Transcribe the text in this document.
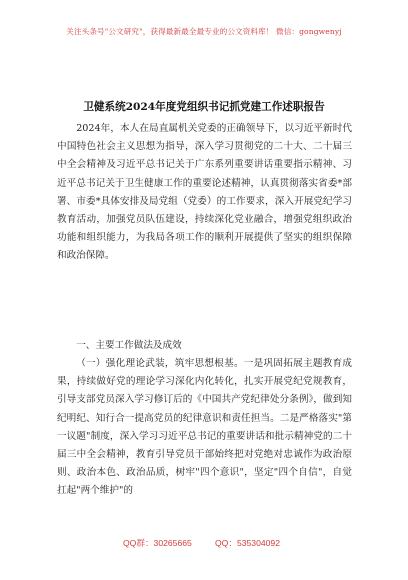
关注头条号"公文研究"，获得最新最全最专业的公文资料库！ 微信：gongwenyj
卫健系统2024年度党组织书记抓党建工作述职报告

2024年，本人在局直属机关党委的正确领导下，以习近平新时代中国特色社会主义思想为指导，深入学习贯彻党的二十大、二十届三中全会精神及习近平总书记关于广东系列重要讲话重要指示精神、习近平总书记关于卫生健康工作的重要论述精神，认真贯彻落实省委*部署、市委*具体安排及局党组（党委）的工作要求，深入开展党纪学习教育活动，加强党员队伍建设，持续深化党业融合，增强党组织政治功能和组织能力，为我局各项工作的顺利开展提供了坚实的组织保障和政治保障。

一、主要工作做法及成效

（一）强化理论武装，筑牢思想根基。一是巩固拓展主题教育成果，持续做好党的理论学习深化内化转化，扎实开展党纪党规教育，引导支部党员深入学习修订后的《中国共产党纪律处分条例》，做到知纪明纪、知行合一提高党员的纪律意识和责任担当。二是严格落实"第一议题"制度，深入学习习近平总书记的重要讲话和批示精神党的二十届三中全会精神，教育引导党员干部始终把对党绝对忠诚作为政治原则、政治本色、政治品质，树牢"四个意识"，坚定"四个自信"，自觉扛起"两个维护"的

QQ群：30265665	QQ：535304092
